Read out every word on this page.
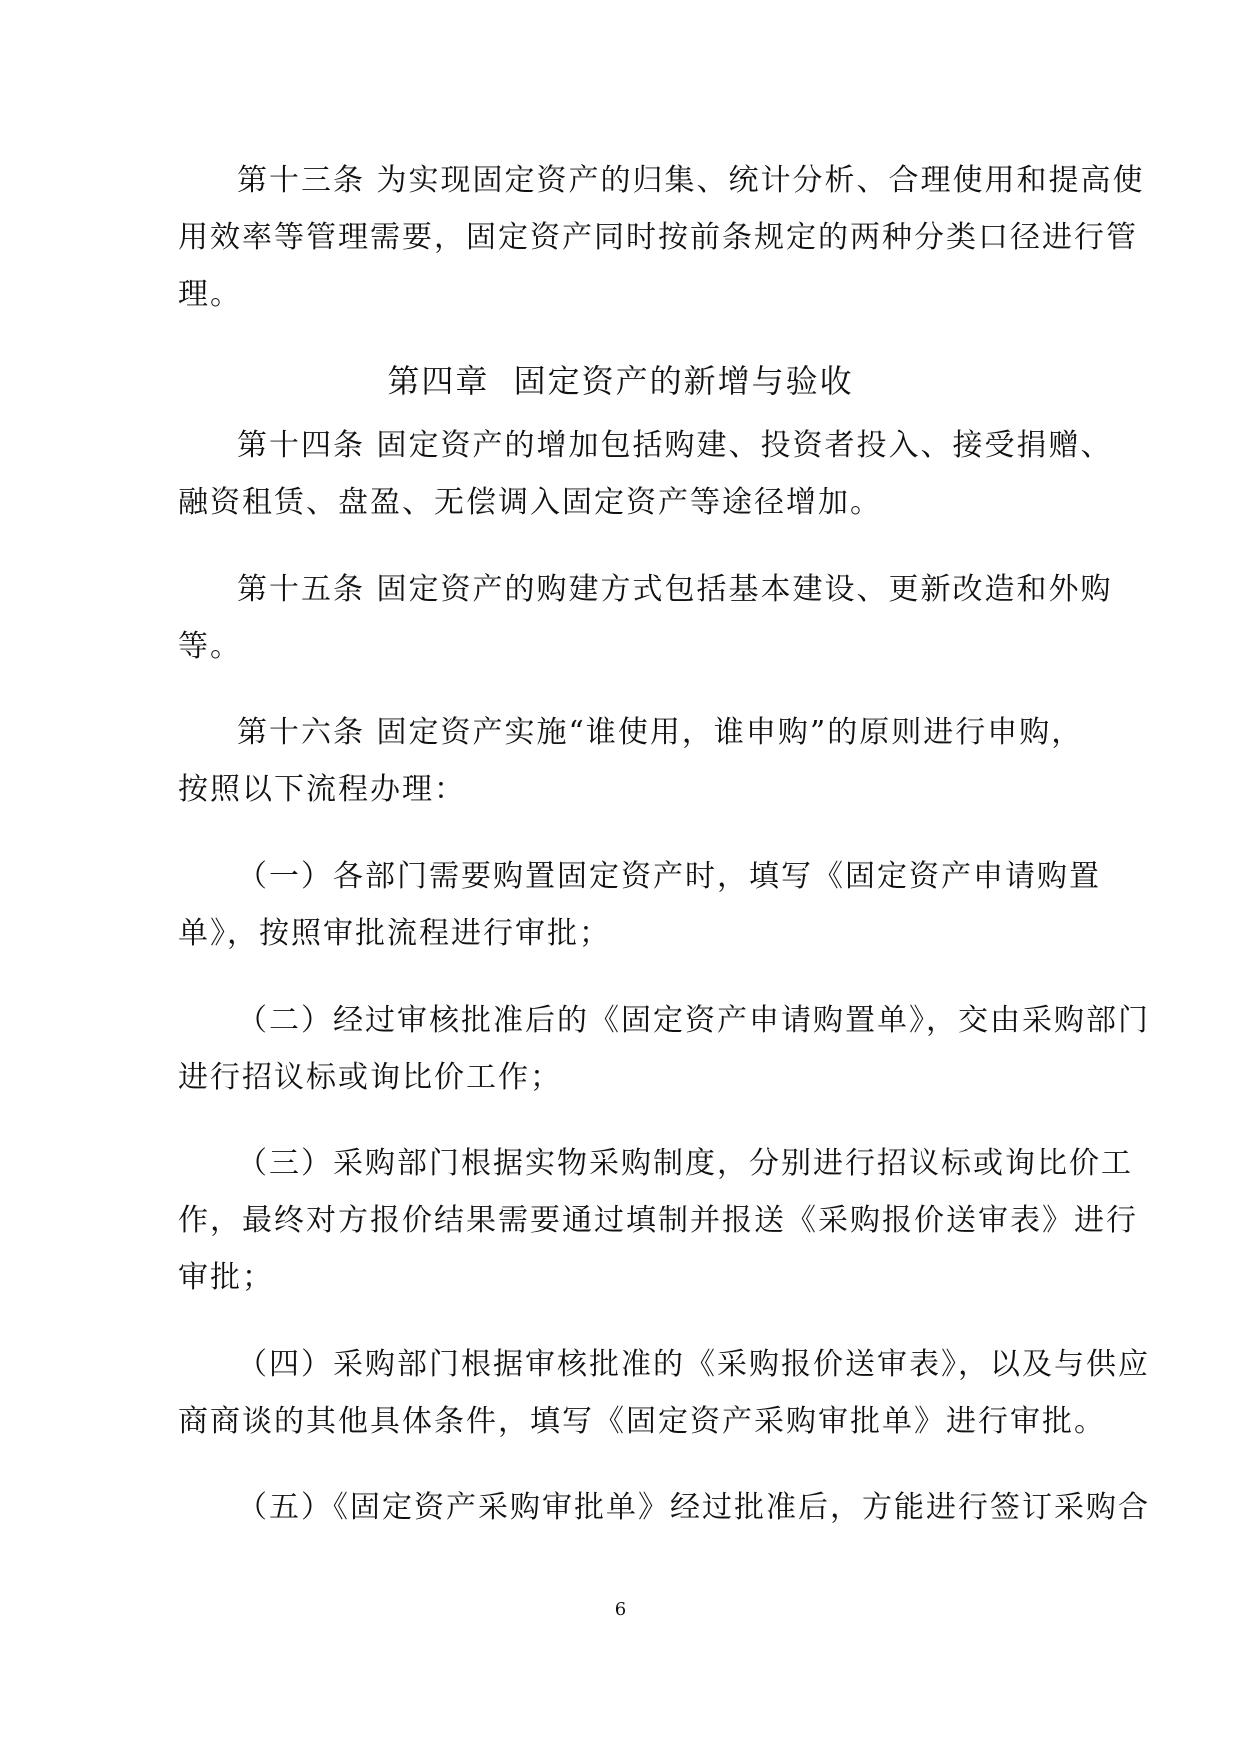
第十三条 为实现固定资产的归集、统计分析、合理使用和提高使
用效率等管理需要，固定资产同时按前条规定的两种分类口径进行管
理。
第四章  固定资产的新增与验收
第十四条 固定资产的增加包括购建、投资者投入、接受捐赠、
融资租赁、盘盈、无偿调入固定资产等途径增加。
第十五条 固定资产的购建方式包括基本建设、更新改造和外购
等。
第十六条 固定资产实施“谁使用，谁申购”的原则进行申购，
按照以下流程办理：
（一）各部门需要购置固定资产时，填写《固定资产申请购置
单》，按照审批流程进行审批；
（二）经过审核批准后的《固定资产申请购置单》，交由采购部门
进行招议标或询比价工作；
（三）采购部门根据实物采购制度，分别进行招议标或询比价工
作，最终对方报价结果需要通过填制并报送《采购报价送审表》进行
审批；
（四）采购部门根据审核批准的《采购报价送审表》，以及与供应
商商谈的其他具体条件，填写《固定资产采购审批单》进行审批。
（五）《固定资产采购审批单》经过批准后，方能进行签订采购合
6
